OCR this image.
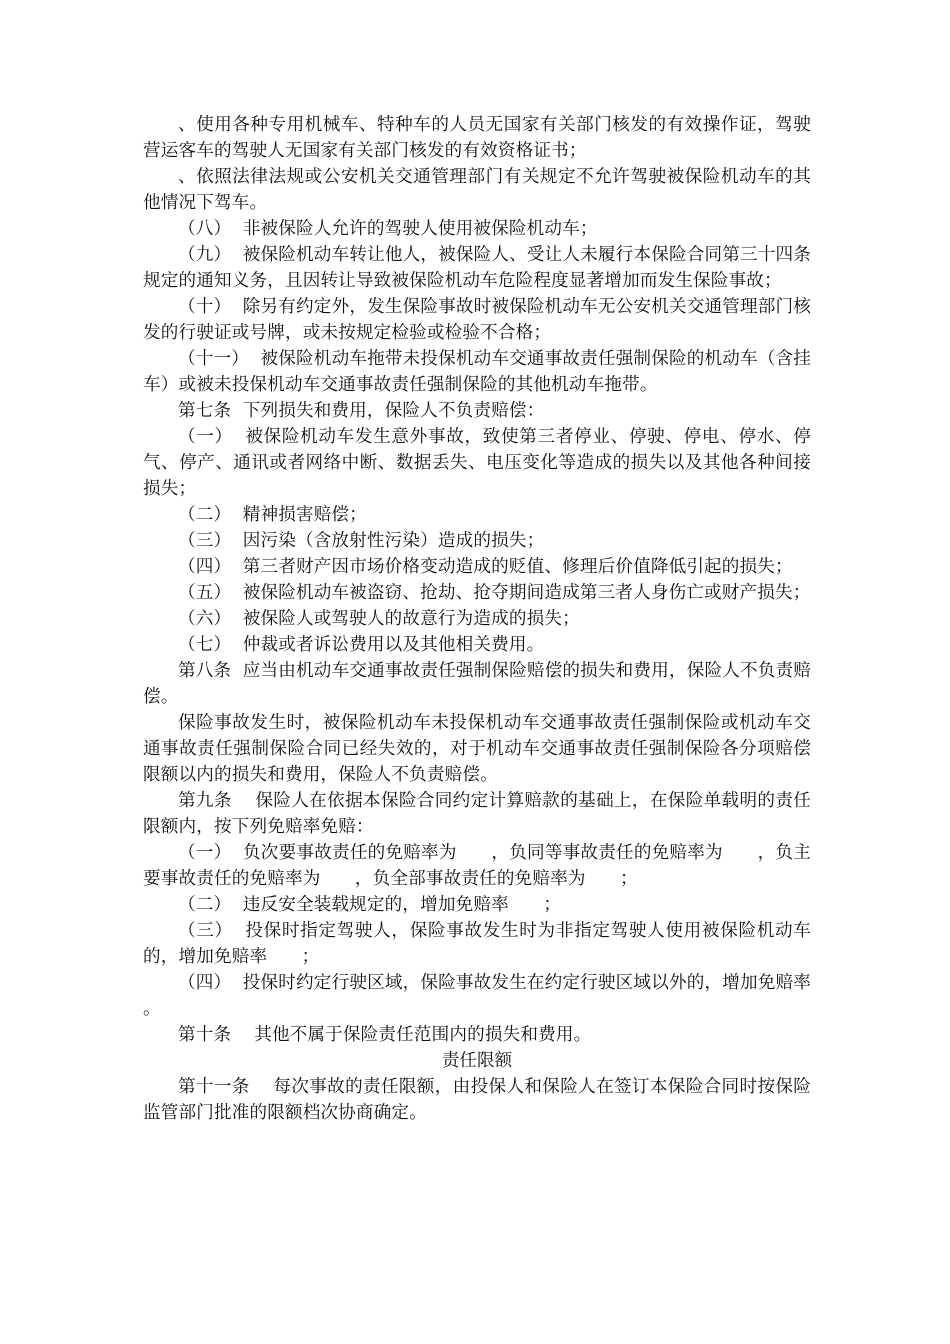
、使用各种专用机械车、特种车的人员无国家有关部门核发的有效操作证，驾驶营运客车的驾驶人无国家有关部门核发的有效资格证书；

、依照法律法规或公安机关交通管理部门有关规定不允许驾驶被保险机动车的其他情况下驾车。

（八）  非被保险人允许的驾驶人使用被保险机动车；

（九）  被保险机动车转让他人，被保险人、受让人未履行本保险合同第三十四条规定的通知义务，且因转让导致被保险机动车危险程度显著增加而发生保险事故；

（十）  除另有约定外，发生保险事故时被保险机动车无公安机关交通管理部门核发的行驶证或号牌，或未按规定检验或检验不合格；

（十一）  被保险机动车拖带未投保机动车交通事故责任强制保险的机动车（含挂车）或被未投保机动车交通事故责任强制保险的其他机动车拖带。

第七条  下列损失和费用，保险人不负责赔偿：

（一）  被保险机动车发生意外事故，致使第三者停业、停驶、停电、停水、停气、停产、通讯或者网络中断、数据丢失、电压变化等造成的损失以及其他各种间接损失；

（二）  精神损害赔偿；

（三）  因污染（含放射性污染）造成的损失；

（四）  第三者财产因市场价格变动造成的贬值、修理后价值降低引起的损失；

（五）  被保险机动车被盗窃、抢劫、抢夺期间造成第三者人身伤亡或财产损失；

（六）  被保险人或驾驶人的故意行为造成的损失；

（七）  仲裁或者诉讼费用以及其他相关费用。

第八条  应当由机动车交通事故责任强制保险赔偿的损失和费用，保险人不负责赔偿。

保险事故发生时，被保险机动车未投保机动车交通事故责任强制保险或机动车交通事故责任强制保险合同已经失效的，对于机动车交通事故责任强制保险各分项赔偿限额以内的损失和费用，保险人不负责赔偿。

第九条    保险人在依据本保险合同约定计算赔款的基础上，在保险单载明的责任限额内，按下列免赔率免赔：

（一）  负次要事故责任的免赔率为      ，负同等事故责任的免赔率为      ，负主要事故责任的免赔率为      ，负全部事故责任的免赔率为      ；

（二）  违反安全装载规定的，增加免赔率      ；

（三）  投保时指定驾驶人，保险事故发生时为非指定驾驶人使用被保险机动车的，增加免赔率      ；

（四）  投保时约定行驶区域，保险事故发生在约定行驶区域以外的，增加免赔率      。

第十条    其他不属于保险责任范围内的损失和费用。

责任限额

第十一条    每次事故的责任限额，由投保人和保险人在签订本保险合同时按保险监管部门批准的限额档次协商确定。
